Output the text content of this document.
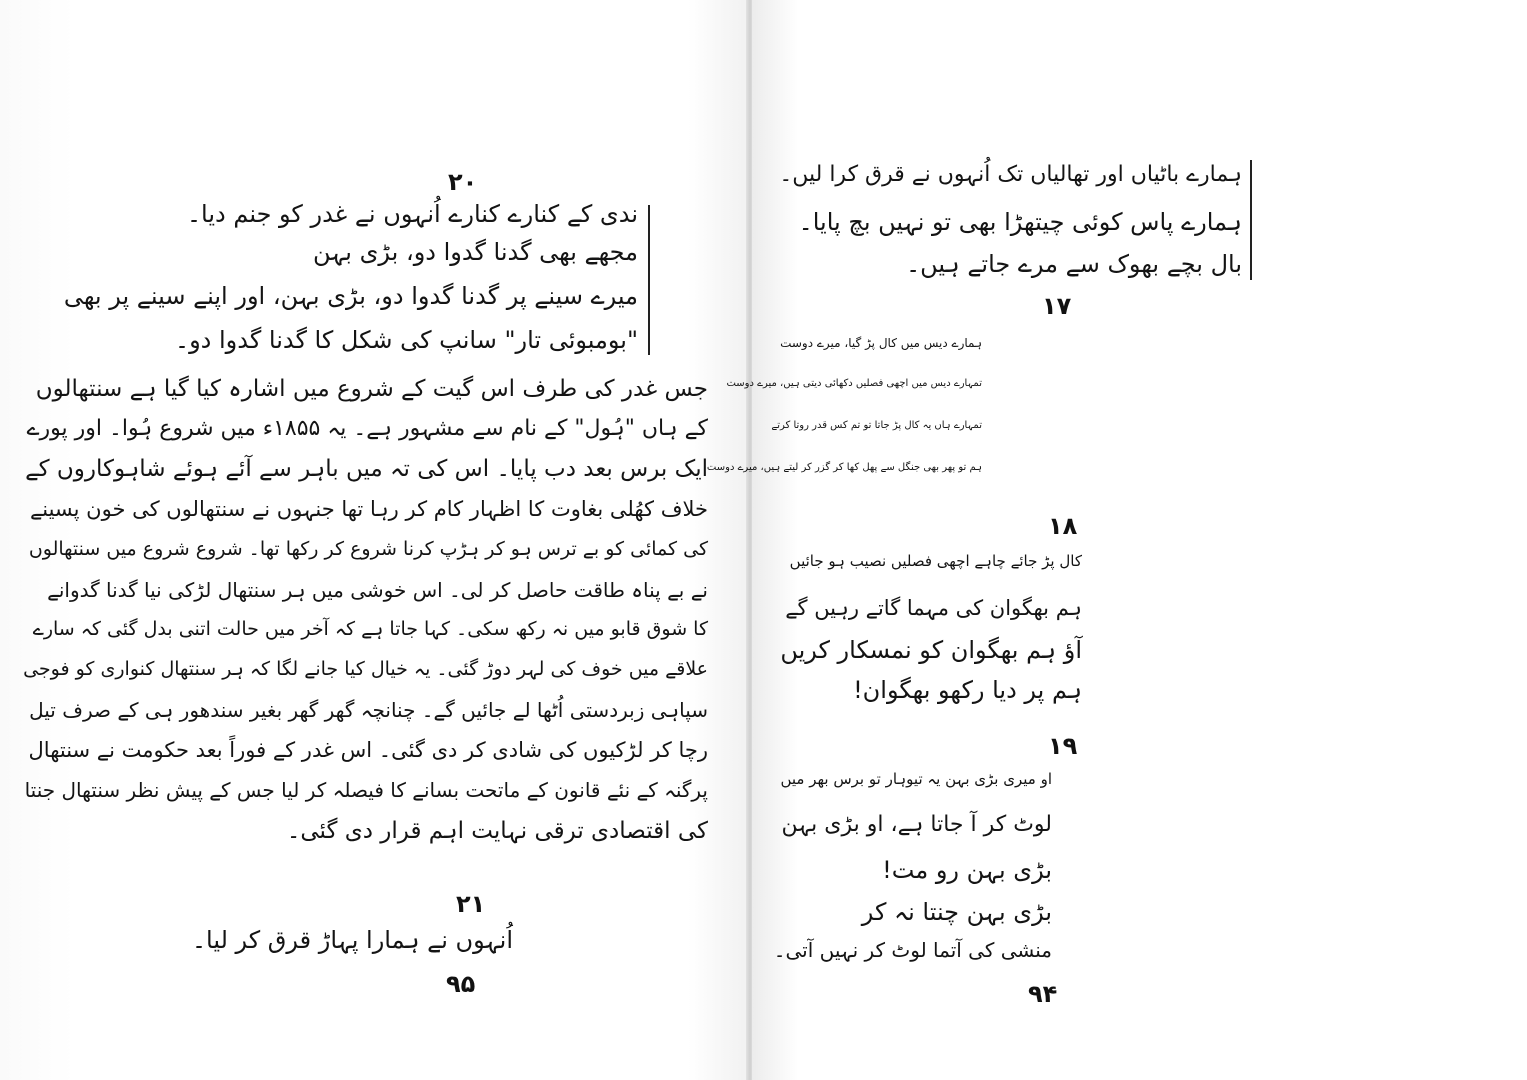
۲۰
ندی کے کنارے کنارے اُنہوں نے غدر کو جنم دیا۔
مجھے بھی گدنا گدوا دو، بڑی بہن
میرے سینے پر گدنا گدوا دو، بڑی بہن، اور اپنے سینے پر بھی
"بومبوئی تار" سانپ کی شکل کا گدنا گدوا دو۔
جس غدر کی طرف اس گیت کے شروع میں اشارہ کیا گیا ہے سنتھالوں
کے ہاں "ہُول" کے نام سے مشہور ہے۔ یہ ۱۸۵۵ء میں شروع ہُوا۔ اور پورے
ایک برس بعد دب پایا۔ اس کی تہ میں باہر سے آئے ہوئے شاہوکاروں کے
خلاف کھُلی بغاوت کا اظہار کام کر رہا تھا جنہوں نے سنتھالوں کی خون پسینے
کی کمائی کو بے ترس ہو کر ہڑپ کرنا شروع کر رکھا تھا۔ شروع شروع میں سنتھالوں
نے بے پناہ طاقت حاصل کر لی۔ اس خوشی میں ہر سنتھال لڑکی نیا گدنا گدوانے
کا شوق قابو میں نہ رکھ سکی۔ کہا جاتا ہے کہ آخر میں حالت اتنی بدل گئی کہ سارے
علاقے میں خوف کی لہر دوڑ گئی۔ یہ خیال کیا جانے لگا کہ ہر سنتھال کنواری کو فوجی
سپاہی زبردستی اُٹھا لے جائیں گے۔ چنانچہ گھر گھر بغیر سندھور ہی کے صرف تیل
رچا کر لڑکیوں کی شادی کر دی گئی۔ اس غدر کے فوراً بعد حکومت نے سنتھال
پرگنہ کے نئے قانون کے ماتحت بسانے کا فیصلہ کر لیا جس کے پیش نظر سنتھال جنتا
کی اقتصادی ترقی نہایت اہم قرار دی گئی۔
۲۱
اُنہوں نے ہمارا پہاڑ قرق کر لیا۔
۹۵
ہمارے باٹیاں اور تھالیاں تک اُنہوں نے قرق کرا لیں۔
ہمارے پاس کوئی چیتھڑا بھی تو نہیں بچ پایا۔
بال بچے بھوک سے مرے جاتے ہیں۔
۱۷
ہمارے دیس میں کال پڑ گیا، میرے دوست
تمہارے دیس میں اچھی فصلیں دکھائی دیتی ہیں، میرے دوست
تمہارے ہاں یہ کال پڑ جاتا تو تم کس قدر روتا کرتے
ہم تو پھر بھی جنگل سے پھل کھا کر گزر کر لیتے ہیں، میرے دوست!
۱۸
کال پڑ جائے چاہے اچھی فصلیں نصیب ہو جائیں
ہم بھگوان کی مہما گاتے رہیں گے
آؤ ہم بھگوان کو نمسکار کریں
ہم پر دیا رکھو بھگوان!
۱۹
او میری بڑی بہن یہ تیوہار تو برس بھر میں
لوٹ کر آ جاتا ہے، او بڑی بہن
بڑی بہن رو مت!
بڑی بہن چنتا نہ کر
منشی کی آتما لوٹ کر نہیں آتی۔
۹۴
